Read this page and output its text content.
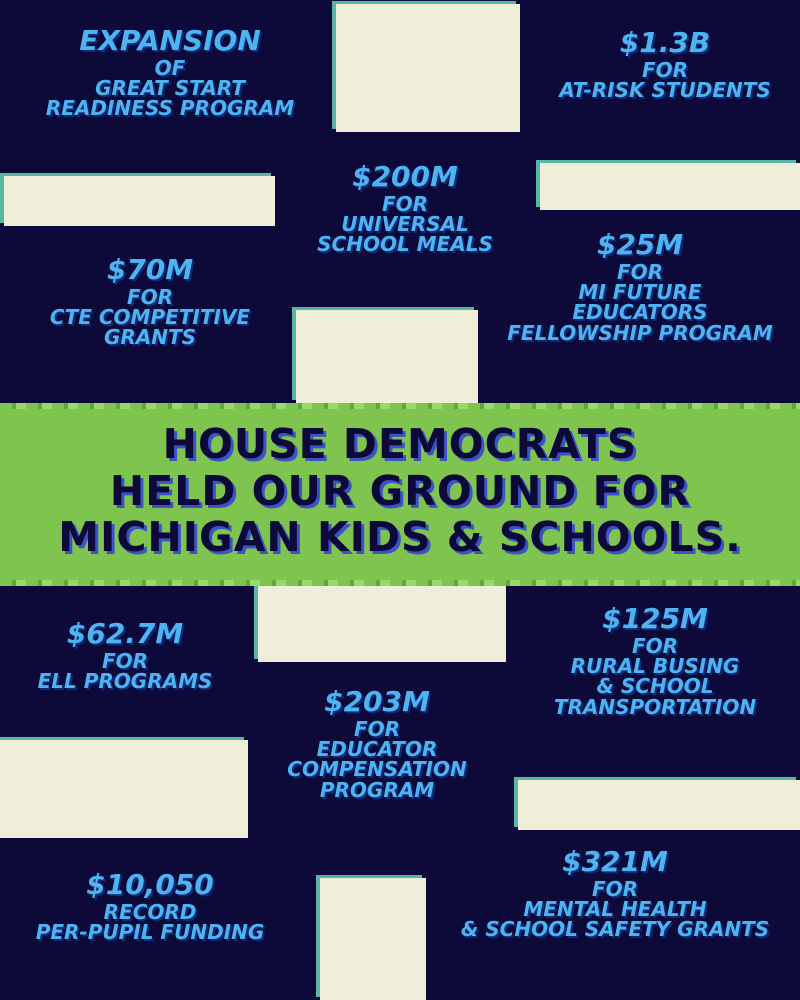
EXPANSION
OF
GREAT START
READINESS PROGRAM
$1.3B
FOR
AT-RISK STUDENTS
$200M
FOR
UNIVERSAL
SCHOOL MEALS
$70M
FOR
CTE COMPETITIVE
GRANTS
$25M
FOR
MI FUTURE
EDUCATORS
FELLOWSHIP PROGRAM
HOUSE DEMOCRATS
HELD OUR GROUND FOR
MICHIGAN KIDS & SCHOOLS.
$62.7M
FOR
ELL PROGRAMS
$125M
FOR
RURAL BUSING
& SCHOOL
TRANSPORTATION
$203M
FOR
EDUCATOR
COMPENSATION
PROGRAM
$10,050
RECORD
PER-PUPIL FUNDING
$321M
FOR
MENTAL HEALTH
& SCHOOL SAFETY GRANTS
